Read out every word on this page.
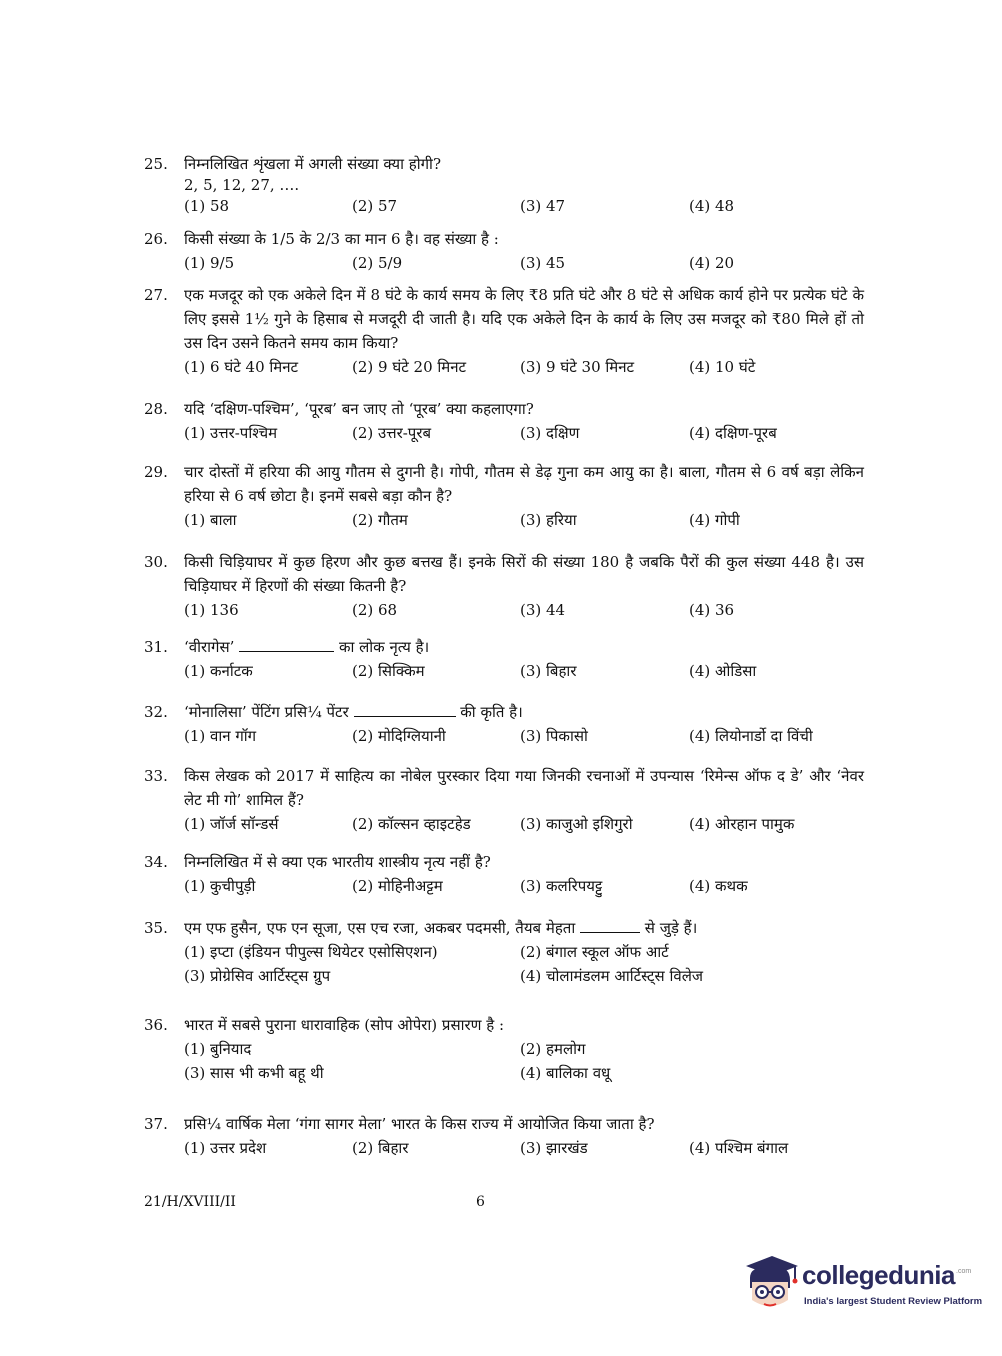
25.	निम्नलिखित शृंखला में अगली संख्या क्या होगी?
2, 5, 12, 27, ….
(1) 58	(2) 57	(3) 47	(4) 48
26.	किसी संख्या के 1/5 के 2/3 का मान 6 है। वह संख्या है :
(1) 9/5	(2) 5/9	(3) 45	(4) 20
27.	एक मजदूर को एक अकेले दिन में 8 घंटे के कार्य समय के लिए ₹8 प्रति घंटे और 8 घंटे से अधिक कार्य होने पर प्रत्येक घंटे के लिए इससे 1½ गुने के हिसाब से मजदूरी दी जाती है। यदि एक अकेले दिन के कार्य के लिए उस मजदूर को ₹80 मिले हों तो उस दिन उसने कितने समय काम किया?
(1) 6 घंटे 40 मिनट	(2) 9 घंटे 20 मिनट	(3) 9 घंटे 30 मिनट	(4) 10 घंटे
28.	यदि ‘दक्षिण-पश्चिम’, ‘पूरब’ बन जाए तो ‘पूरब’ क्या कहलाएगा?
(1) उत्तर-पश्चिम	(2) उत्तर-पूरब	(3) दक्षिण	(4) दक्षिण-पूरब
29.	चार दोस्तों में हरिया की आयु गौतम से दुगनी है। गोपी, गौतम से डेढ़ गुना कम आयु का है। बाला, गौतम से 6 वर्ष बड़ा लेकिन हरिया से 6 वर्ष छोटा है। इनमें सबसे बड़ा कौन है?
(1) बाला	(2) गौतम	(3) हरिया	(4) गोपी
30.	किसी चिड़ियाघर में कुछ हिरण और कुछ बत्तख हैं। इनके सिरों की संख्या 180 है जबकि पैरों की कुल संख्या 448 है। उस चिड़ियाघर में हिरणों की संख्या कितनी है?
(1) 136	(2) 68	(3) 44	(4) 36
31.	‘वीरागेस’	का लोक नृत्य है।
(1) कर्नाटक	(2) सिक्किम	(3) बिहार	(4) ओडिसा
32.	‘मोनालिसा’ पेंटिंग प्रसि¼ पेंटर	की कृति है।
(1) वान गॉग	(2) मोदिग्लियानी	(3) पिकासो	(4) लियोनार्डो दा विंची
33.	किस लेखक को 2017 में साहित्य का नोबेल पुरस्कार दिया गया जिनकी रचनाओं में उपन्यास ‘रिमेन्स ऑफ द डे’ और ‘नेवर लेट मी गो’ शामिल हैं?
(1) जॉर्ज सॉन्डर्स	(2) कॉल्सन व्हाइटहेड	(3) काजुओ इशिगुरो	(4) ओरहान पामुक
34.	निम्नलिखित में से क्या एक भारतीय शास्त्रीय नृत्य नहीं है?
(1) कुचीपुड़ी	(2) मोहिनीअट्टम	(3) कलरिपयट्टु	(4) कथक
35.	एम एफ हुसैन, एफ एन सूजा, एस एच रजा, अकबर पदमसी, तैयब मेहता	से जुड़े हैं।
(1) इप्टा (इंडियन पीपुल्स थियेटर एसोसिएशन)	(2) बंगाल स्कूल ऑफ आर्ट
(3) प्रोग्रेसिव आर्टिस्ट्स ग्रुप	(4) चोलामंडलम आर्टिस्ट्स विलेज
36.	भारत में सबसे पुराना धारावाहिक (सोप ओपेरा) प्रसारण है :
(1) बुनियाद	(2) हमलोग
(3) सास भी कभी बहू थी	(4) बालिका वधू
37.	प्रसि¼ वार्षिक मेला ‘गंगा सागर मेला’ भारत के किस राज्य में आयोजित किया जाता है?
(1) उत्तर प्रदेश	(2) बिहार	(3) झारखंड	(4) पश्चिम बंगाल
21/H/XVIII/II	6
collegedunia .com
India's largest Student Review Platform
